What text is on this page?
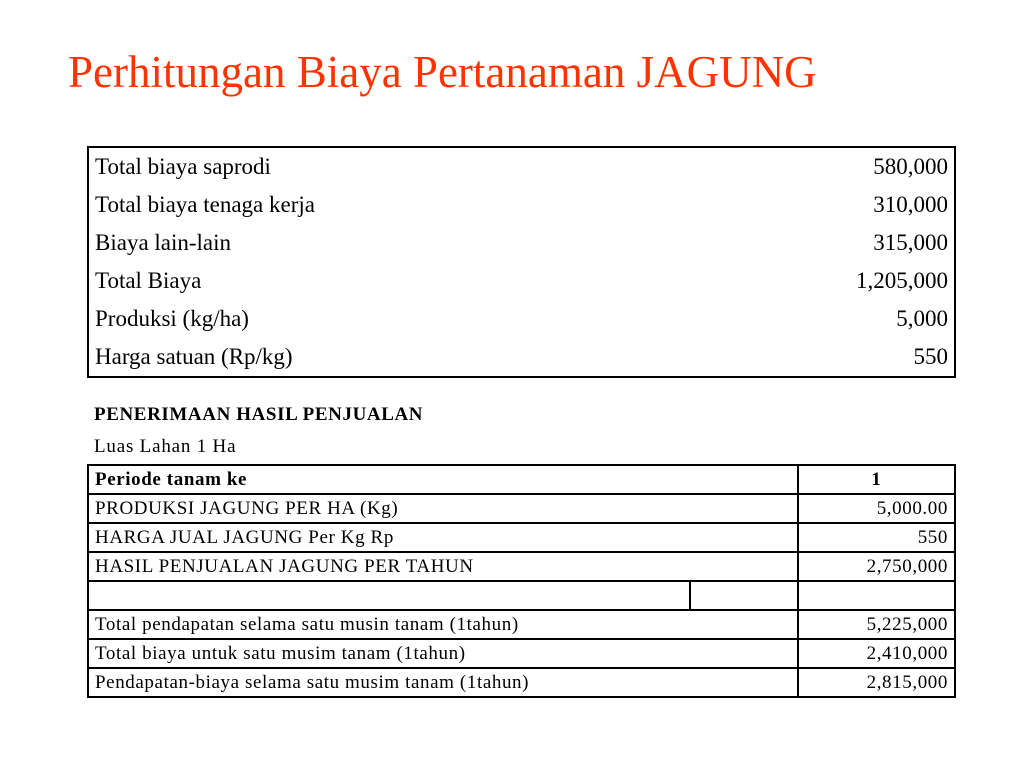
Perhitungan Biaya Pertanaman JAGUNG
Total biaya saprodi	580,000
Total biaya tenaga kerja	310,000
Biaya lain-lain	315,000
Total Biaya	1,205,000
Produksi (kg/ha)	5,000
Harga satuan (Rp/kg)	550
PENERIMAAN HASIL PENJUALAN
Luas Lahan 1 Ha
Periode tanam ke	1
PRODUKSI JAGUNG PER HA (Kg)	5,000.00
HARGA JUAL JAGUNG Per Kg Rp	550
HASIL PENJUALAN JAGUNG PER TAHUN	2,750,000

Total pendapatan selama satu musin tanam (1tahun)	5,225,000
Total biaya untuk satu musim tanam (1tahun)	2,410,000
Pendapatan-biaya selama satu musim tanam (1tahun)	2,815,000
